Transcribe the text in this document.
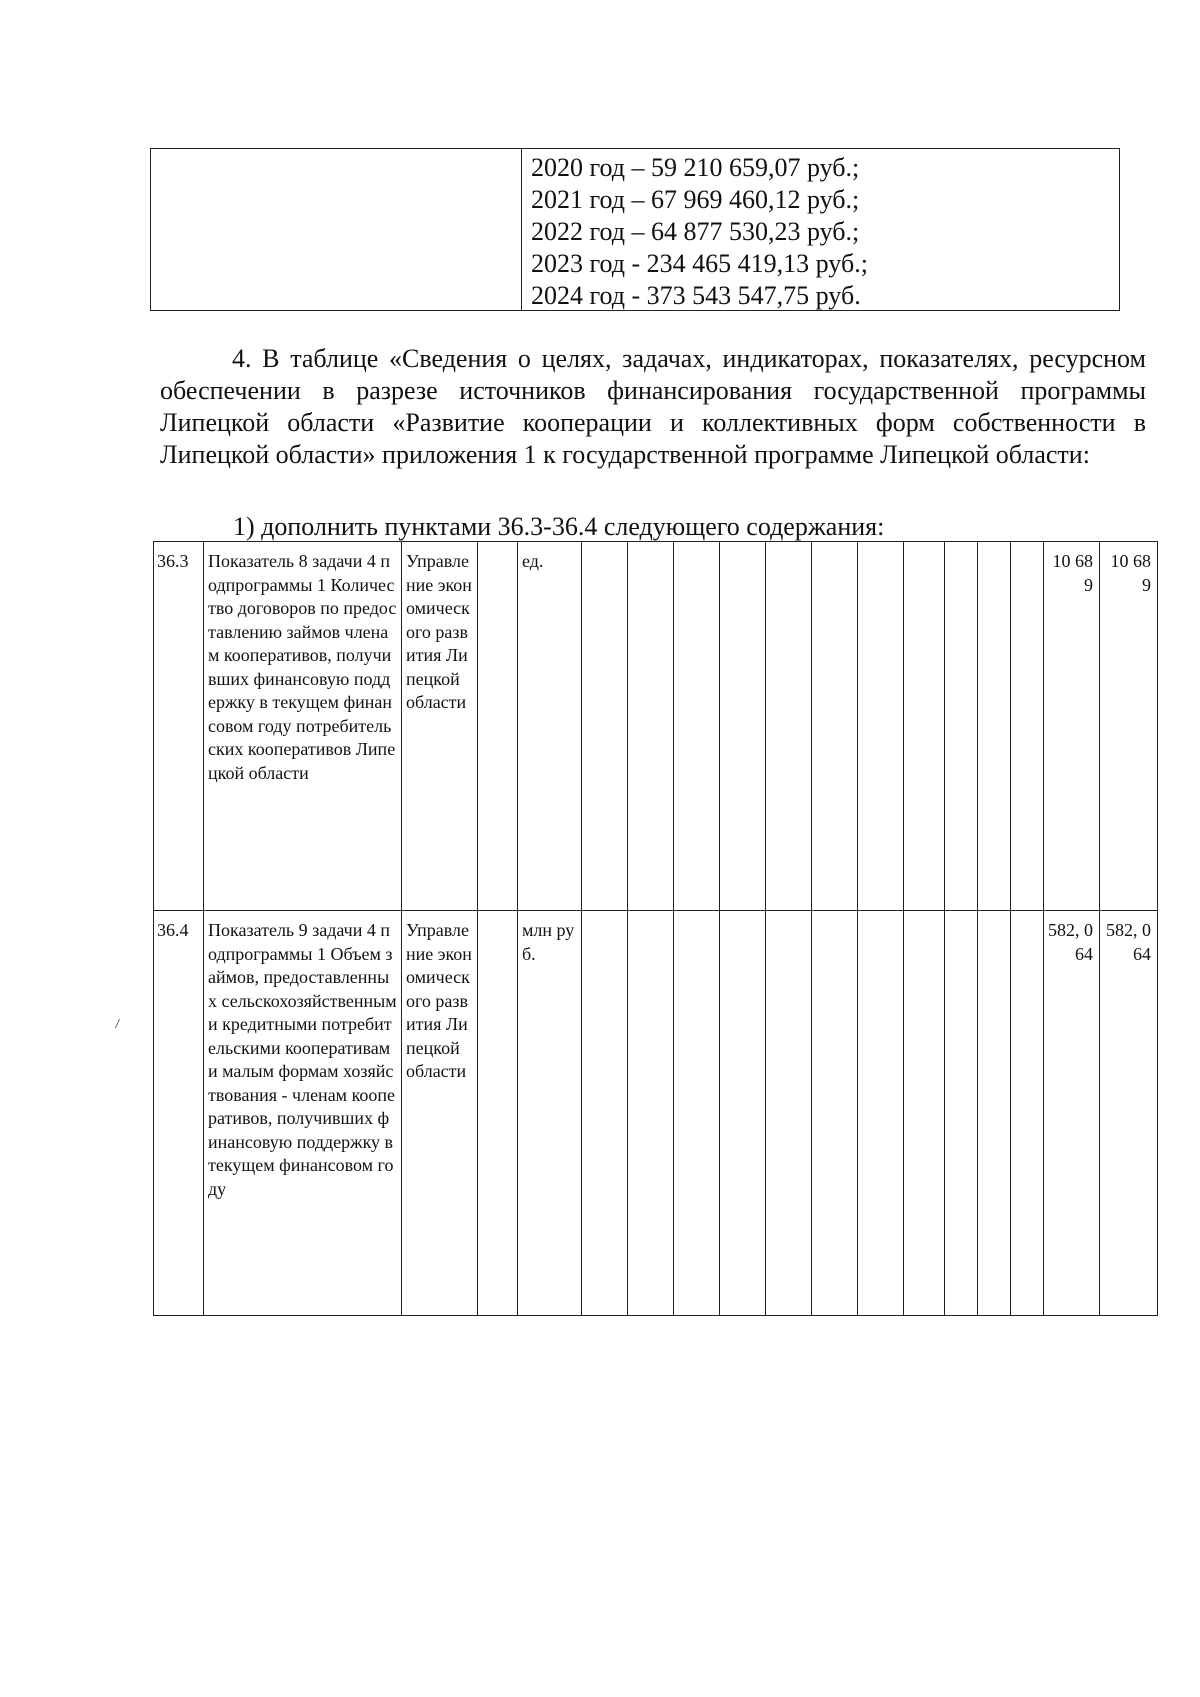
2020 год – 59 210 659,07 руб.;
2021 год – 67 969 460,12 руб.;
2022 год – 64 877 530,23 руб.;
2023 год - 234 465 419,13 руб.;
2024 год - 373 543 547,75 руб.
4. В таблице «Сведения о целях, задачах, индикаторах, показателях, ресурсном обеспечении в разрезе источников финансирования государственной программы Липецкой области «Развитие кооперации и коллективных форм собственности в Липецкой области» приложения 1 к государственной программе Липецкой области:
1) дополнить пунктами 36.3-36.4 следующего содержания:
36.3	Показатель 8 задачи 4 подпрограммы 1 Количество договоров по предоставлению займов членам кооперативов, получивших финансовую поддержку в текущем финансовом году потребительских кооперативов Липецкой области	Управление экономического развития Липецкой области		ед.												10 689	10 689
36.4	Показатель 9 задачи 4 подпрограммы 1 Объем займов, предоставленных сельскохозяйственными кредитными потребительскими кооперативами малым формам хозяйствования - членам кооперативов, получивших финансовую поддержку в текущем финансовом году	Управление экономического развития Липецкой области		млн руб.												582, 064	582, 064
